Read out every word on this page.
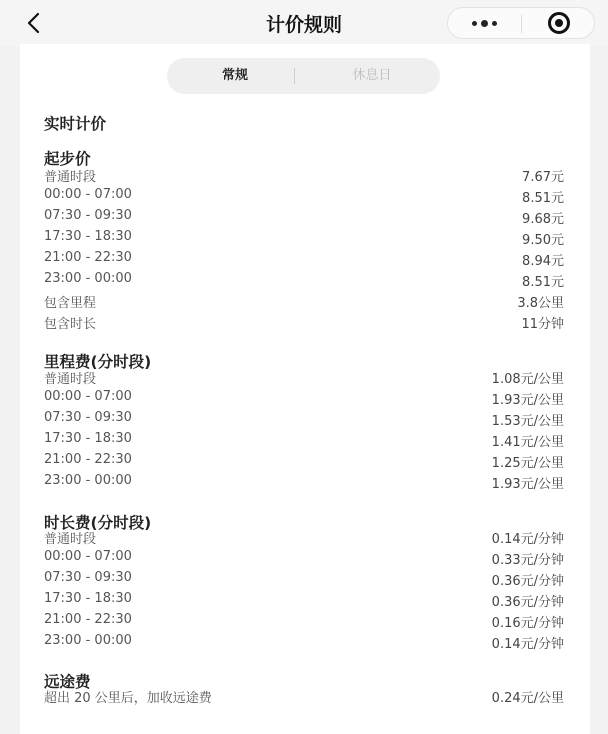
计价规则
常规	休息日
实时计价
起步价
普通时段	7.67元
00:00 - 07:00	8.51元
07:30 - 09:30	9.68元
17:30 - 18:30	9.50元
21:00 - 22:30	8.94元
23:00 - 00:00	8.51元
包含里程	3.8公里
包含时长	11分钟
里程费(分时段)
普通时段	1.08元/公里
00:00 - 07:00	1.93元/公里
07:30 - 09:30	1.53元/公里
17:30 - 18:30	1.41元/公里
21:00 - 22:30	1.25元/公里
23:00 - 00:00	1.93元/公里
时长费(分时段)
普通时段	0.14元/分钟
00:00 - 07:00	0.33元/分钟
07:30 - 09:30	0.36元/分钟
17:30 - 18:30	0.36元/分钟
21:00 - 22:30	0.16元/分钟
23:00 - 00:00	0.14元/分钟
远途费
超出 20 公里后，加收远途费	0.24元/公里
